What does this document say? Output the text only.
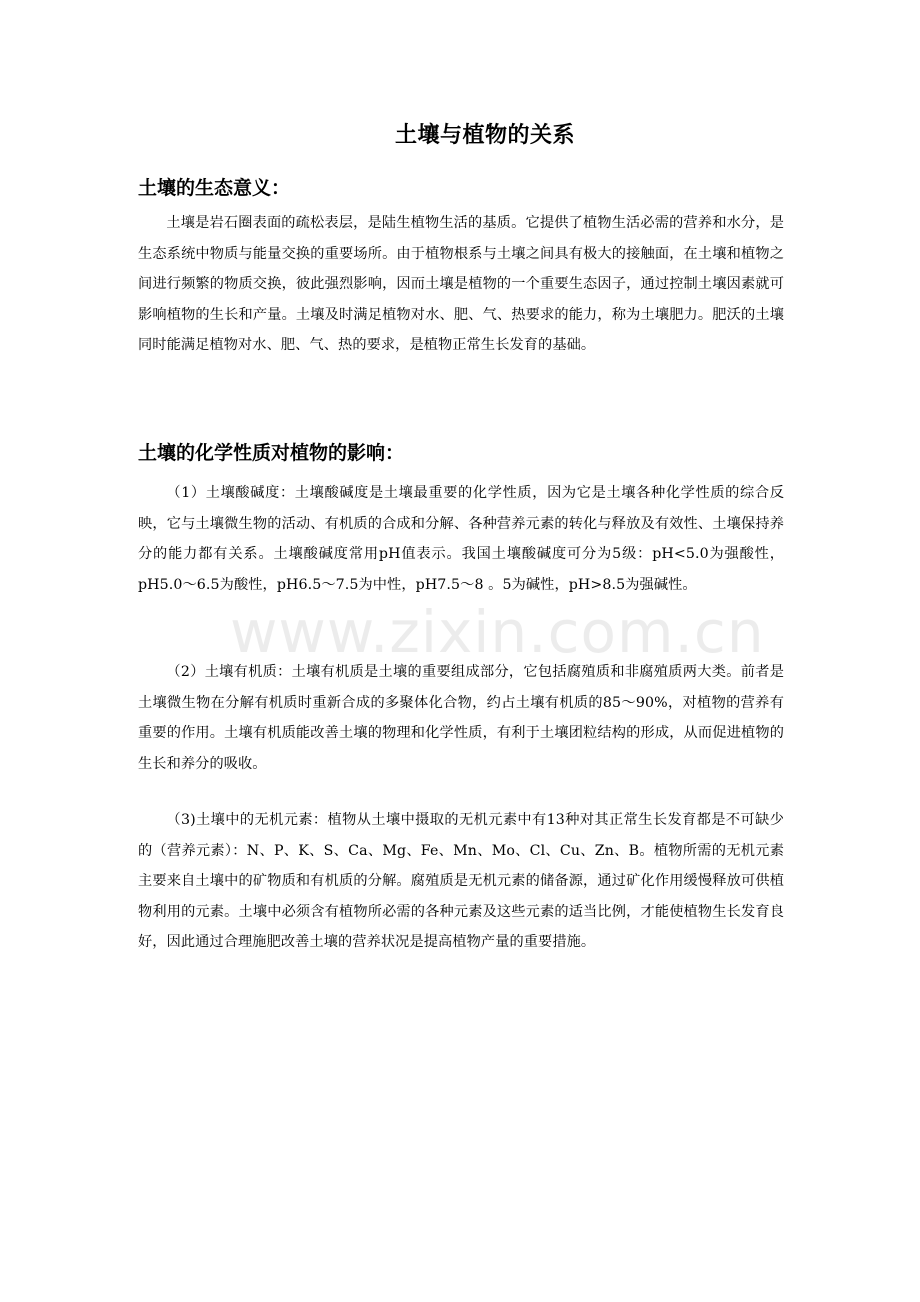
土壤与植物的关系
土壤的生态意义：

土壤是岩石圈表面的疏松表层，是陆生植物生活的基质。它提供了植物生活必需的营养和水分，是生态系统中物质与能量交换的重要场所。由于植物根系与土壤之间具有极大的接触面，在土壤和植物之间进行频繁的物质交换，彼此强烈影响，因而土壤是植物的一个重要生态因子，通过控制土壤因素就可影响植物的生长和产量。土壤及时满足植物对水、肥、气、热要求的能力，称为土壤肥力。肥沃的土壤同时能满足植物对水、肥、气、热的要求，是植物正常生长发育的基础。

土壤的化学性质对植物的影响：

（1）土壤酸碱度：土壤酸碱度是土壤最重要的化学性质，因为它是土壤各种化学性质的综合反映，它与土壤微生物的活动、有机质的合成和分解、各种营养元素的转化与释放及有效性、土壤保持养分的能力都有关系。土壤酸碱度常用pH值表示。我国土壤酸碱度可分为5级：pH<5.0为强酸性，pH5.0～6.5为酸性，pH6.5～7.5为中性，pH7.5～8 。5为碱性，pH>8.5为强碱性。

（2）土壤有机质：土壤有机质是土壤的重要组成部分，它包括腐殖质和非腐殖质两大类。前者是土壤微生物在分解有机质时重新合成的多聚体化合物，约占土壤有机质的85～90%，对植物的营养有重要的作用。土壤有机质能改善土壤的物理和化学性质，有利于土壤团粒结构的形成，从而促进植物的生长和养分的吸收。

（3)土壤中的无机元素：植物从土壤中摄取的无机元素中有13种对其正常生长发育都是不可缺少的（营养元素）：N、P、K、S、Ca、Mg、Fe、Mn、Mo、Cl、Cu、Zn、B。植物所需的无机元素主要来自土壤中的矿物质和有机质的分解。腐殖质是无机元素的储备源，通过矿化作用缓慢释放可供植物利用的元素。土壤中必须含有植物所必需的各种元素及这些元素的适当比例，才能使植物生长发育良好，因此通过合理施肥改善土壤的营养状况是提高植物产量的重要措施。

www.zixin.com.cn
